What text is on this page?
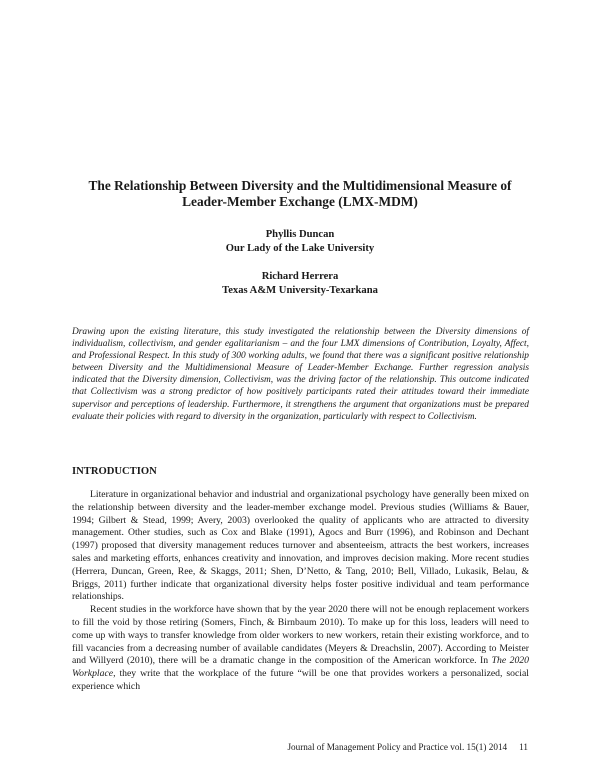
The Relationship Between Diversity and the Multidimensional Measure of
Leader-Member Exchange (LMX-MDM)
Phyllis Duncan
Our Lady of the Lake University
Richard Herrera
Texas A&M University-Texarkana
Drawing upon the existing literature, this study investigated the relationship between the Diversity dimensions of individualism, collectivism, and gender egalitarianism – and the four LMX dimensions of Contribution, Loyalty, Affect, and Professional Respect. In this study of 300 working adults, we found that there was a significant positive relationship between Diversity and the Multidimensional Measure of Leader-Member Exchange. Further regression analysis indicated that the Diversity dimension, Collectivism, was the driving factor of the relationship. This outcome indicated that Collectivism was a strong predictor of how positively participants rated their attitudes toward their immediate supervisor and perceptions of leadership. Furthermore, it strengthens the argument that organizations must be prepared evaluate their policies with regard to diversity in the organization, particularly with respect to Collectivism.
INTRODUCTION

Literature in organizational behavior and industrial and organizational psychology have generally been mixed on the relationship between diversity and the leader-member exchange model. Previous studies (Williams & Bauer, 1994; Gilbert & Stead, 1999; Avery, 2003) overlooked the quality of applicants who are attracted to diversity management. Other studies, such as Cox and Blake (1991), Agocs and Burr (1996), and Robinson and Dechant (1997) proposed that diversity management reduces turnover and absenteeism, attracts the best workers, increases sales and marketing efforts, enhances creativity and innovation, and improves decision making. More recent studies (Herrera, Duncan, Green, Ree, & Skaggs, 2011; Shen, D’Netto, & Tang, 2010; Bell, Villado, Lukasik, Belau, & Briggs, 2011) further indicate that organizational diversity helps foster positive individual and team performance relationships.

Recent studies in the workforce have shown that by the year 2020 there will not be enough replacement workers to fill the void by those retiring (Somers, Finch, & Birnbaum 2010). To make up for this loss, leaders will need to come up with ways to transfer knowledge from older workers to new workers, retain their existing workforce, and to fill vacancies from a decreasing number of available candidates (Meyers & Dreachslin, 2007). According to Meister and Willyerd (2010), there will be a dramatic change in the composition of the American workforce. In The 2020 Workplace, they write that the workplace of the future “will be one that provides workers a personalized, social experience which

Journal of Management Policy and Practice vol. 15(1) 2014 11
